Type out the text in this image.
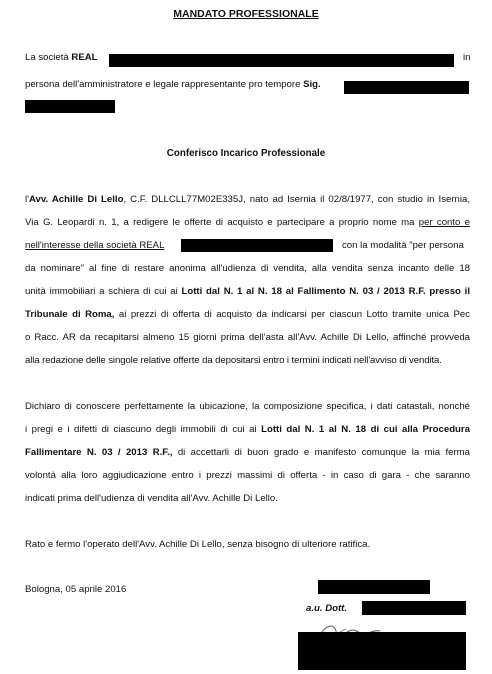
MANDATO PROFESSIONALE
La società REAL	in
persona dell'amministratore e legale rappresentante pro tempore Sig.
Conferisco Incarico Professionale
l'Avv. Achille Di Lello, C.F. DLLCLL77M02E335J, nato ad Isernia il 02/8/1977, con studio in Isernia,
Via G. Leopardi n. 1, a redigere le offerte di acquisto e partecipare a proprio nome ma per conto e
nell'interesse della società REAL	con la modalità "per persona
da nominare" al fine di restare anonima all'udienza di vendita, alla vendita senza incanto delle 18
unità immobiliari a schiera di cui ai Lotti dal N. 1 al N. 18 al Fallimento N. 03 / 2013 R.F. presso il
Tribunale di Roma, ai prezzi di offerta di acquisto da indicarsi per ciascun Lotto tramite unica Pec
o Racc. AR da recapitarsi almeno 15 giorni prima dell'asta all'Avv. Achille Di Lello, affinché provveda
alla redazione delle singole relative offerte da depositarsi entro i termini indicati nell'avviso di vendita.
Dichiaro di conoscere perfettamente la ubicazione, la composizione specifica, i dati catastali, nonché
i pregi e i difetti di ciascuno degli immobili di cui ai Lotti dal N. 1 al N. 18 di cui alla Procedura
Fallimentare N. 03 / 2013 R.F., di accettarli di buon grado e manifesto comunque la mia ferma
volontà alla loro aggiudicazione entro i prezzi massimi di offerta - in caso di gara - che saranno
indicati prima dell'udienza di vendita all'Avv. Achille Di Lello.
Rato e fermo l'operato dell'Avv. Achille Di Lello, senza bisogno di ulteriore ratifica.
Bologna, 05 aprile 2016
a.u. Dott.
